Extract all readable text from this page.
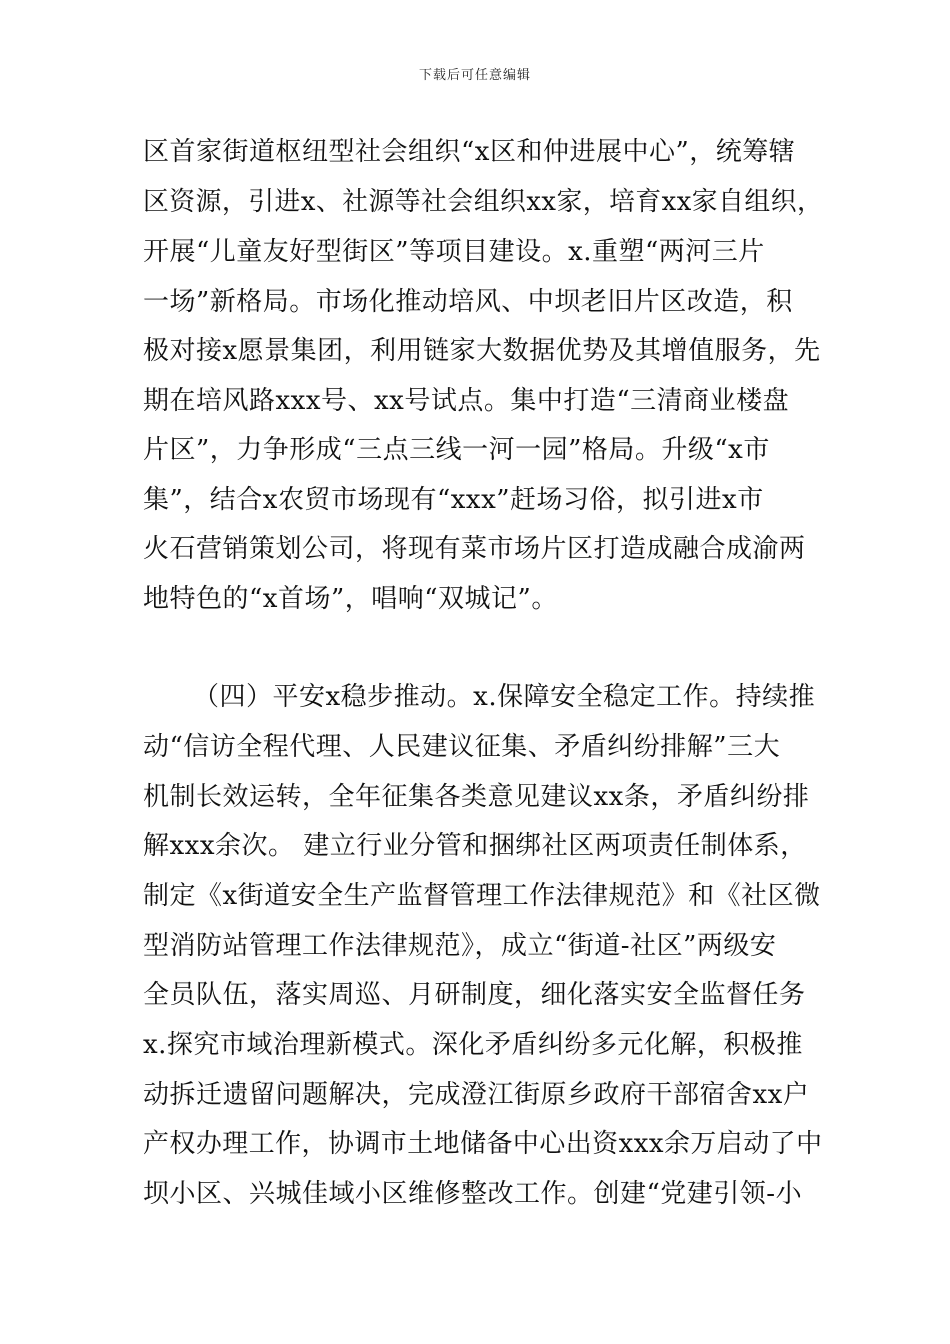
下载后可任意编辑
区首家街道枢纽型社会组织“x区和仲进展中心”，统筹辖
区资源，引进x、社源等社会组织xx家，培育xx家自组织，
开展“儿童友好型街区”等项目建设。x.重塑“两河三片
一场”新格局。市场化推动培风、中坝老旧片区改造，积
极对接x愿景集团，利用链家大数据优势及其增值服务，先
期在培风路xxx号、xx号试点。集中打造“三清商业楼盘
片区”，力争形成“三点三线一河一园”格局。升级“x市
集”，结合x农贸市场现有“xxx”赶场习俗，拟引进x市
火石营销策划公司，将现有菜市场片区打造成融合成渝两
地特色的“x首场”，唱响“双城记”。
（四）平安x稳步推动。x.保障安全稳定工作。持续推
动“信访全程代理、人民建议征集、矛盾纠纷排解”三大
机制长效运转，全年征集各类意见建议xx条，矛盾纠纷排
解xxx余次。 建立行业分管和捆绑社区两项责任制体系，
制定《x街道安全生产监督管理工作法律规范》和《社区微
型消防站管理工作法律规范》，成立“街道-社区”两级安
全员队伍，落实周巡、月研制度，细化落实安全监督任务
x.探究市域治理新模式。深化矛盾纠纷多元化解，积极推
动拆迁遗留问题解决，完成澄江街原乡政府干部宿舍xx户
产权办理工作，协调市土地储备中心出资xxx余万启动了中
坝小区、兴城佳域小区维修整改工作。创建“党建引领-小
